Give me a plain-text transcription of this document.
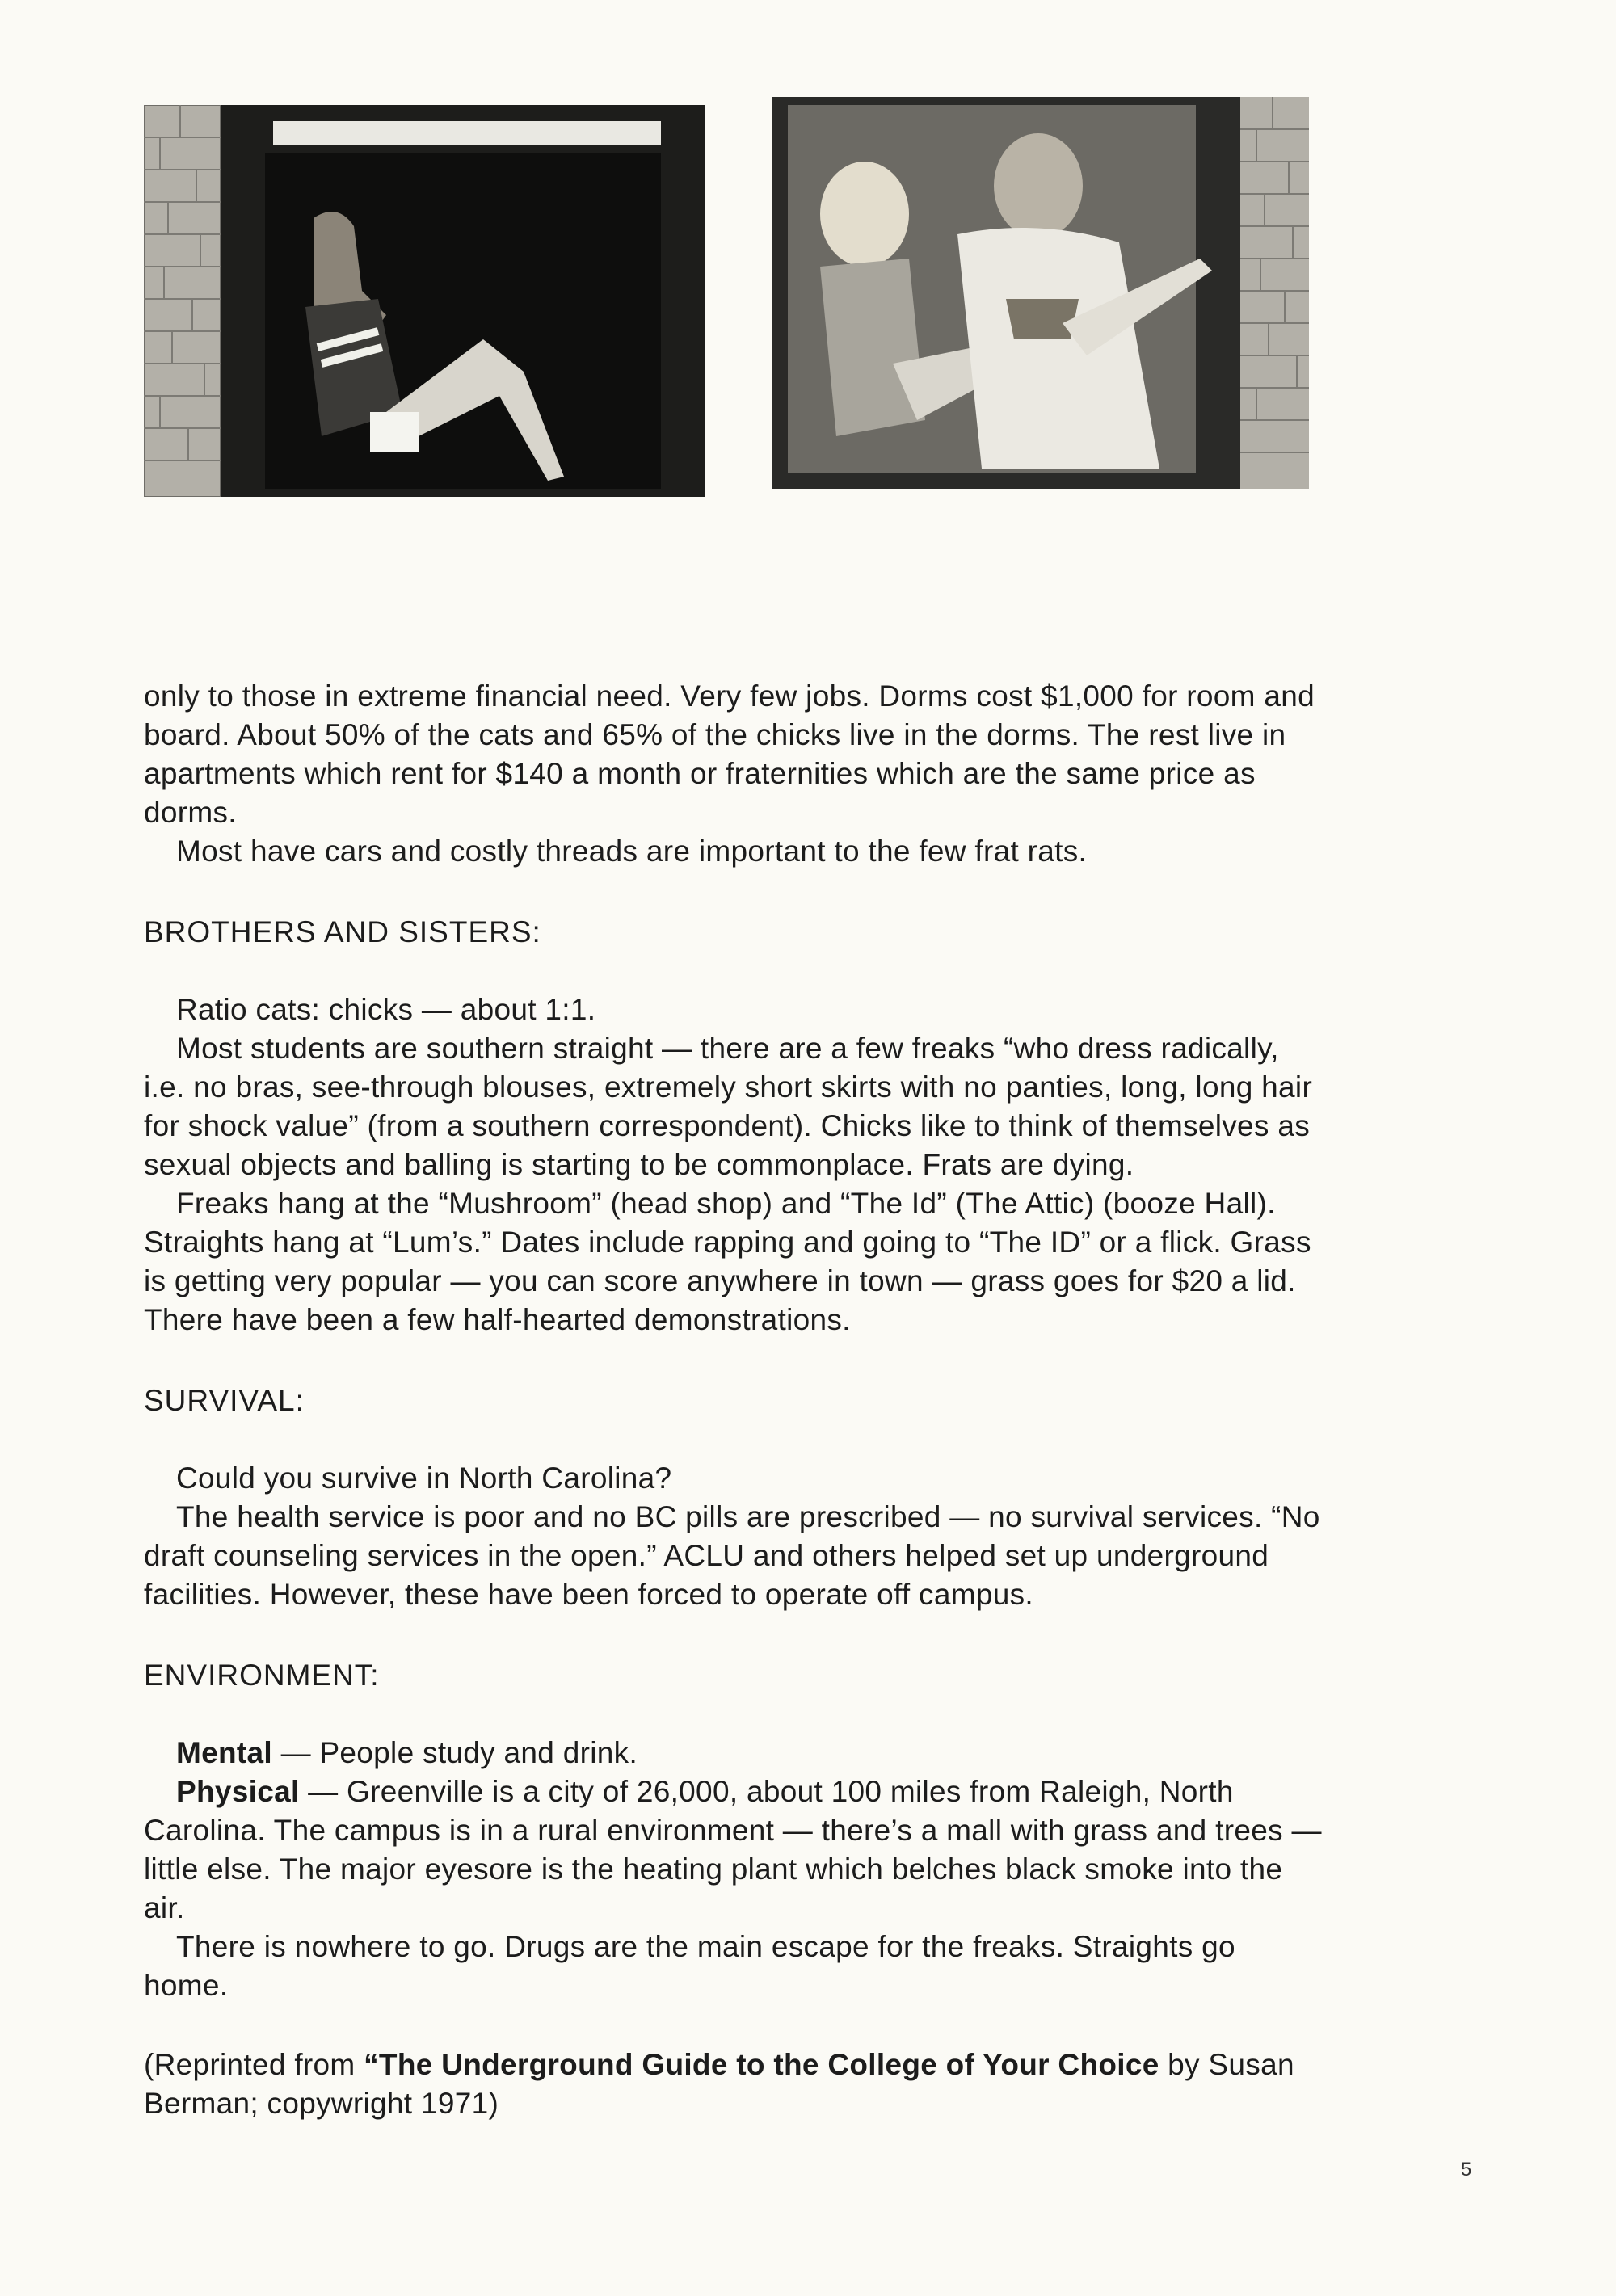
only to those in extreme financial need. Very few jobs. Dorms cost $1,000 for room and board. About 50% of the cats and 65% of the chicks live in the dorms. The rest live in apartments which rent for $140 a month or fraternities which are the same price as dorms.

Most have cars and costly threads are important to the few frat rats.

BROTHERS AND SISTERS:

Ratio cats: chicks — about 1:1.

Most students are southern straight — there are a few freaks “who dress radically, i.e. no bras, see-through blouses, extremely short skirts with no panties, long, long hair for shock value” (from a southern correspondent). Chicks like to think of themselves as sexual objects and balling is starting to be commonplace. Frats are dying.

Freaks hang at the “Mushroom” (head shop) and “The Id” (The Attic) (booze Hall). Straights hang at “Lum’s.” Dates include rapping and going to “The ID” or a flick. Grass is getting very popular — you can score anywhere in town — grass goes for $20 a lid. There have been a few half-hearted demonstrations.

SURVIVAL:

Could you survive in North Carolina?

The health service is poor and no BC pills are prescribed — no survival services. “No draft counseling services in the open.” ACLU and others helped set up underground facilities. However, these have been forced to operate off campus.

ENVIRONMENT:

Mental — People study and drink.

Physical — Greenville is a city of 26,000, about 100 miles from Raleigh, North Carolina. The campus is in a rural environment — there’s a mall with grass and trees — little else. The major eyesore is the heating plant which belches black smoke into the air.

There is nowhere to go. Drugs are the main escape for the freaks. Straights go home.

(Reprinted from “The Underground Guide to the College of Your Choice by Susan Berman; copywright 1971)

5
